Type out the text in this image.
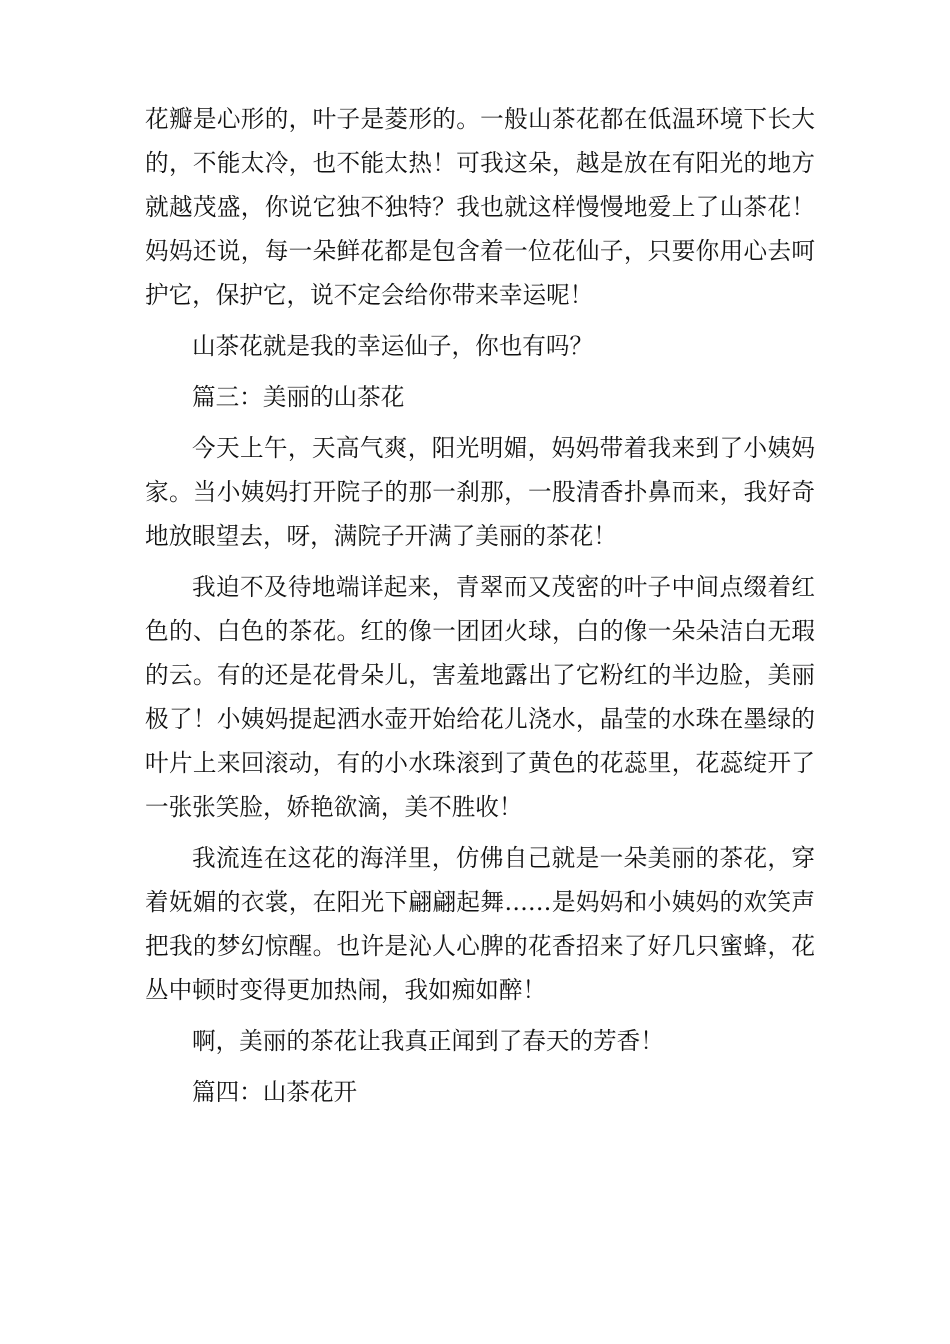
花瓣是心形的，叶子是菱形的。一般山茶花都在低温环境下长大的，不能太冷，也不能太热！可我这朵，越是放在有阳光的地方就越茂盛，你说它独不独特？我也就这样慢慢地爱上了山茶花！妈妈还说，每一朵鲜花都是包含着一位花仙子，只要你用心去呵护它，保护它，说不定会给你带来幸运呢！

山茶花就是我的幸运仙子，你也有吗？

篇三：美丽的山茶花

今天上午，天高气爽，阳光明媚，妈妈带着我来到了小姨妈家。当小姨妈打开院子的那一刹那，一股清香扑鼻而来，我好奇地放眼望去，呀，满院子开满了美丽的茶花！

我迫不及待地端详起来，青翠而又茂密的叶子中间点缀着红色的、白色的茶花。红的像一团团火球，白的像一朵朵洁白无瑕的云。有的还是花骨朵儿，害羞地露出了它粉红的半边脸，美丽极了！小姨妈提起洒水壶开始给花儿浇水，晶莹的水珠在墨绿的叶片上来回滚动，有的小水珠滚到了黄色的花蕊里，花蕊绽开了一张张笑脸，娇艳欲滴，美不胜收！

我流连在这花的海洋里，仿佛自己就是一朵美丽的茶花，穿着妩媚的衣裳，在阳光下翩翩起舞……是妈妈和小姨妈的欢笑声把我的梦幻惊醒。也许是沁人心脾的花香招来了好几只蜜蜂，花丛中顿时变得更加热闹，我如痴如醉！

啊，美丽的茶花让我真正闻到了春天的芳香！

篇四：山茶花开
